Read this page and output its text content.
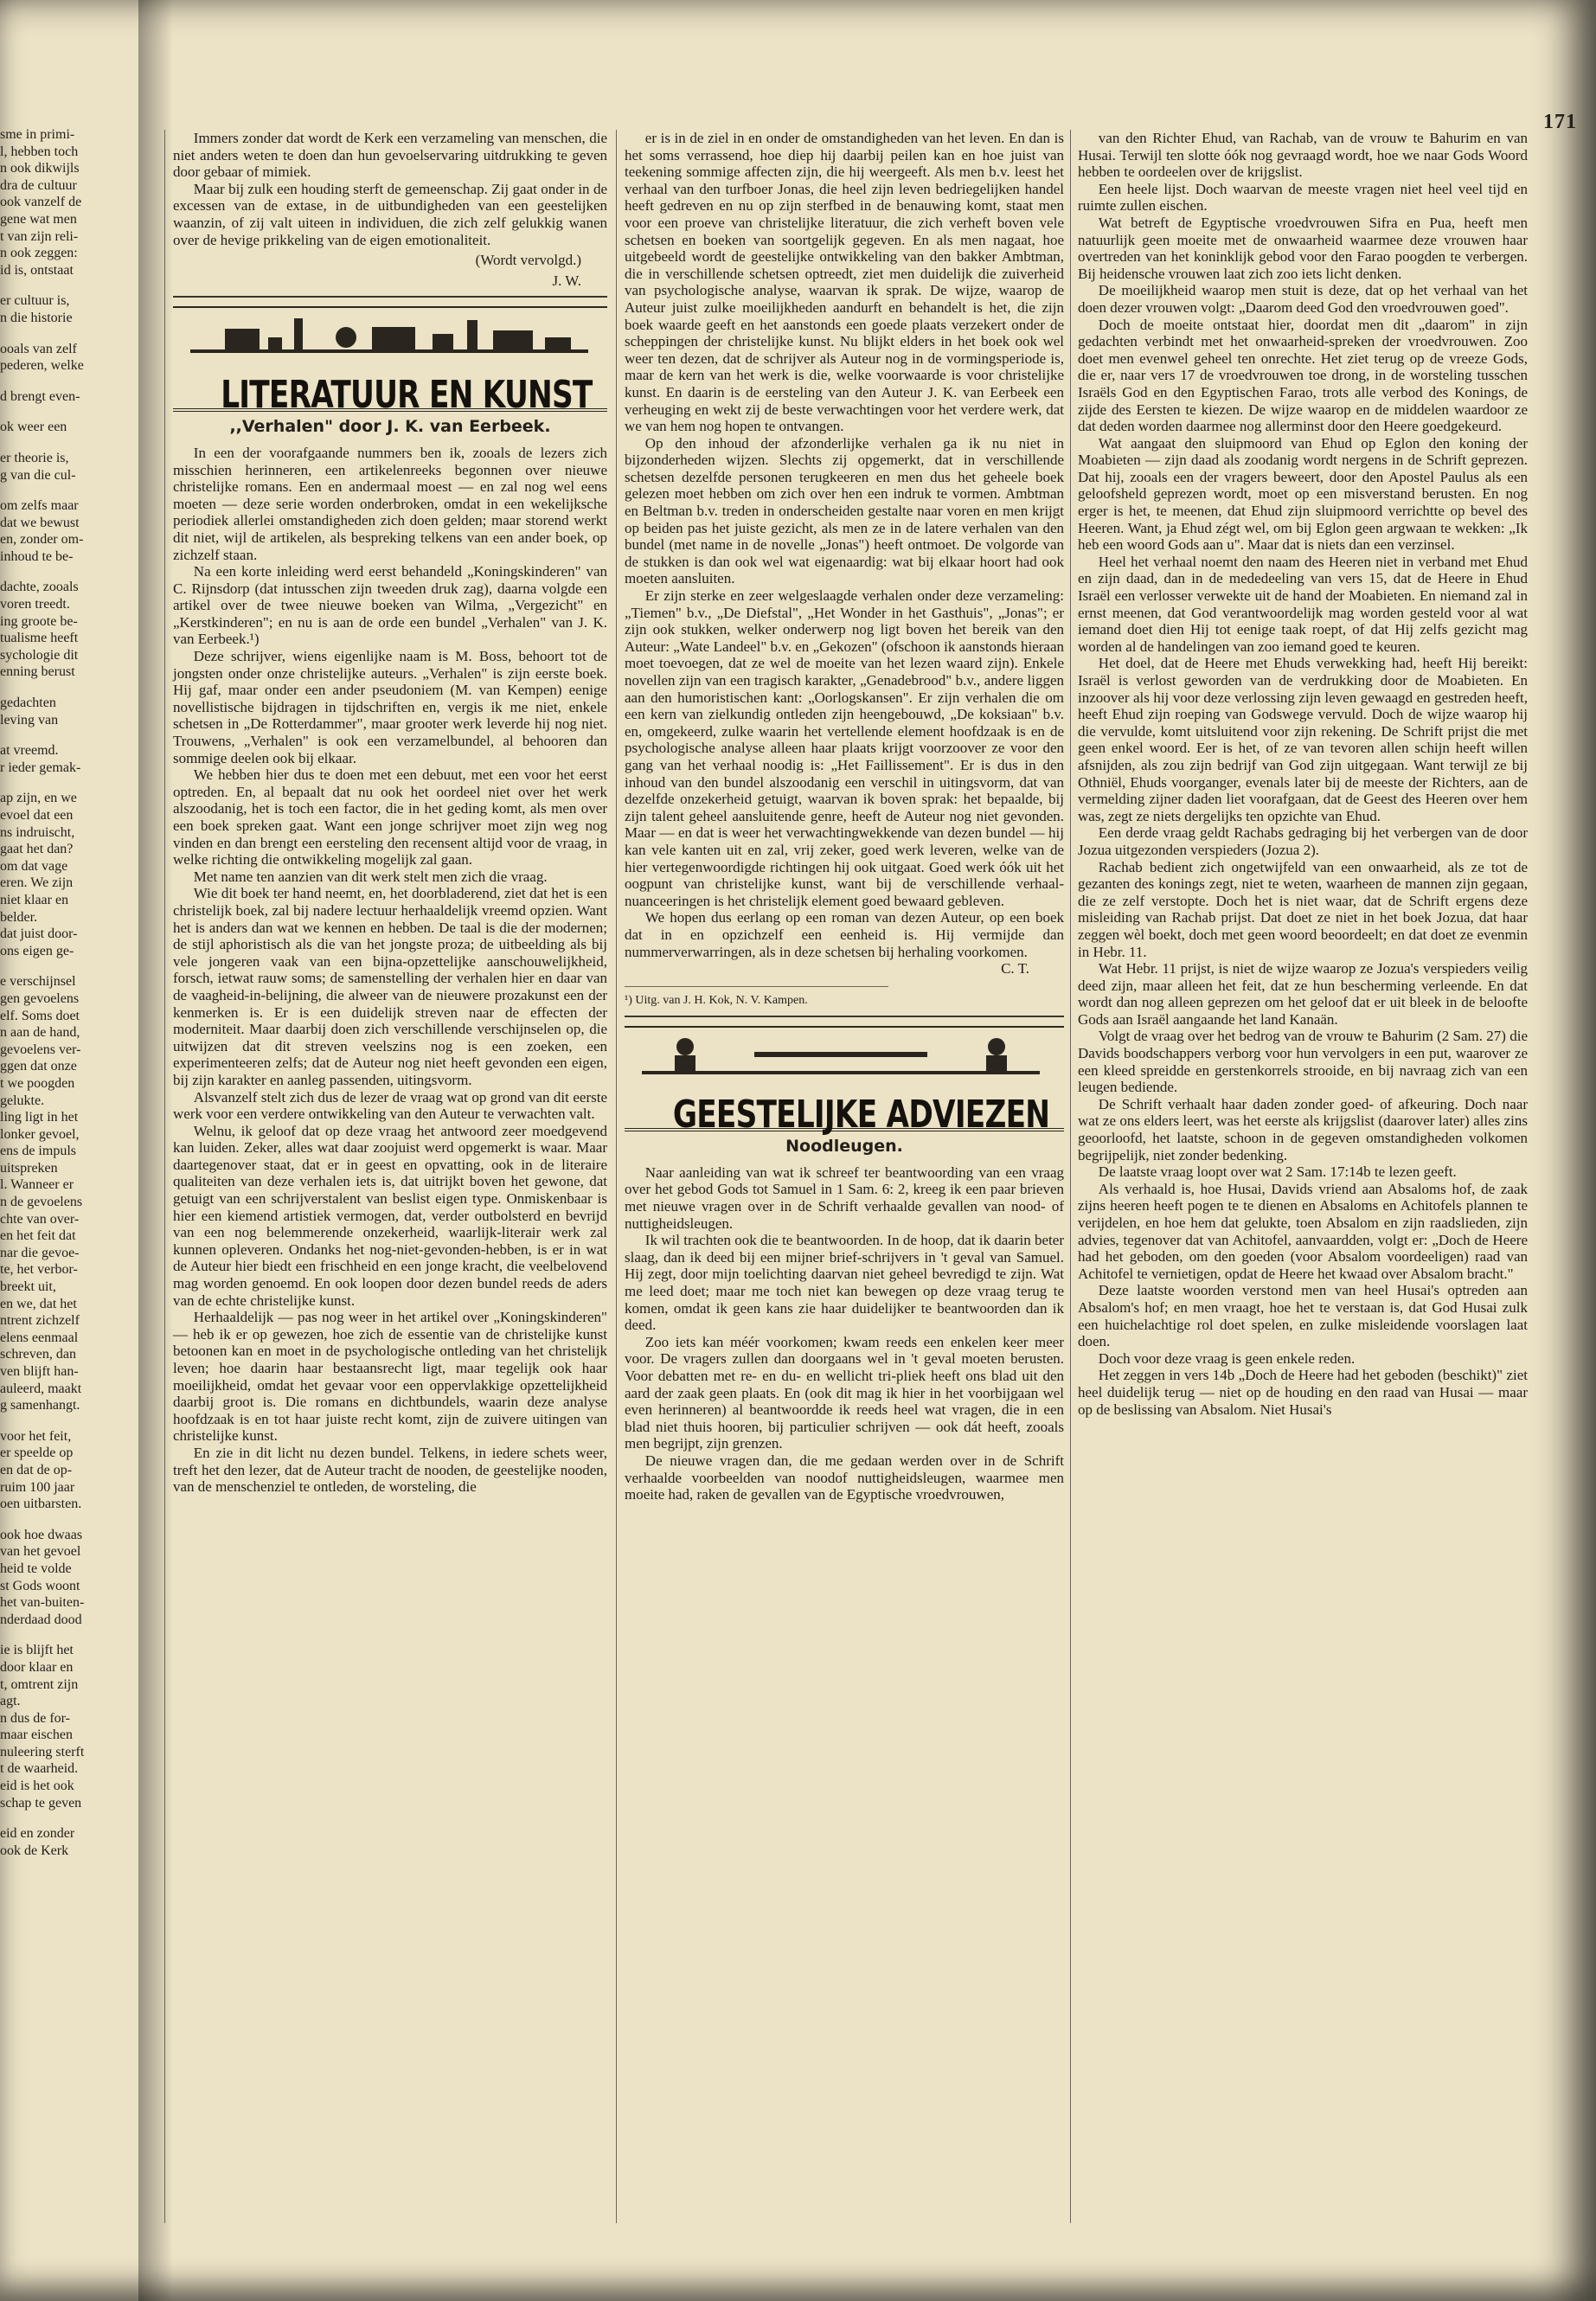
171

sme in primi-
l, hebben toch
n ook dikwijls
dra de cultuur
ook vanzelf de
gene wat men
t van zijn reli-
n ook zeggen:
id is, ontstaat

er cultuur is,
n die historie

ooals van zelf
pederen, welke

d brengt even-

ok weer een

er theorie is,
g van die cul-

om zelfs maar
dat we bewust
en, zonder om-
inhoud te be-

dachte, zooals
voren treedt.
ing groote be-
tualisme heeft
sychologie dit
enning berust

gedachten
leving van

at vreemd.
r ieder gemak-

ap zijn, en we
evoel dat een
ns indruischt,
gaat het dan?
om dat vage
eren. We zijn
niet klaar en
belder.
dat juist door-
ons eigen ge-

e verschijnsel
gen gevoelens
elf. Soms doet
n aan de hand,
gevoelens ver-
ggen dat onze
t we poogden
gelukte.
ling ligt in het
lonker gevoel,
ens de impuls
uitspreken
l. Wanneer er
n de gevoelens
chte van over-
en het feit dat
nar die gevoe-
te, het verbor-
breekt uit,
en we, dat het
ntrent zichzelf
elens eenmaal
schreven, dan
ven blijft han-
auleerd, maakt
g samenhangt.

voor het feit,
er speelde op
en dat de op-
ruim 100 jaar
oen uitbarsten.

ook hoe dwaas
van het gevoel
heid te volde
st Gods woont
het van-buiten-
nderdaad dood

ie is blijft het
door klaar en
t, omtrent zijn
agt.
n dus de for-
maar eischen
nuleering sterft
t de waarheid.
eid is het ook
schap te geven

eid en zonder
ook de Kerk

Immers zonder dat wordt de Kerk een verzameling van menschen, die niet anders weten te doen dan hun gevoelservaring uitdrukking te geven door gebaar of mimiek.

Maar bij zulk een houding sterft de gemeenschap. Zij gaat onder in de excessen van de extase, in de uitbundigheden van een geestelijken waanzin, of zij valt uiteen in individuen, die zich zelf gelukkig wanen over de hevige prikkeling van de eigen emotionaliteit.

(Wordt vervolgd.)
J. W.
LITERATUUR EN KUNST
,,Verhalen" door J. K. van Eerbeek.

In een der voorafgaande nummers ben ik, zooals de lezers zich misschien herinneren, een artikelenreeks begonnen over nieuwe christelijke romans. Een en andermaal moest — en zal nog wel eens moeten — deze serie worden onderbroken, omdat in een wekelijksche periodiek allerlei omstandigheden zich doen gelden; maar storend werkt dit niet, wijl de artikelen, als bespreking telkens van een ander boek, op zichzelf staan.

Na een korte inleiding werd eerst behandeld „Koningskinderen" van C. Rijnsdorp (dat intusschen zijn tweeden druk zag), daarna volgde een artikel over de twee nieuwe boeken van Wilma, „Vergezicht" en „Kerstkinderen"; en nu is aan de orde een bundel „Verhalen" van J. K. van Eerbeek.¹)

Deze schrijver, wiens eigenlijke naam is M. Boss, behoort tot de jongsten onder onze christelijke auteurs. „Verhalen" is zijn eerste boek. Hij gaf, maar onder een ander pseudoniem (M. van Kempen) eenige novellistische bijdragen in tijdschriften en, vergis ik me niet, enkele schetsen in „De Rotterdammer", maar grooter werk leverde hij nog niet. Trouwens, „Verhalen" is ook een verzamelbundel, al behooren dan sommige deelen ook bij elkaar.

We hebben hier dus te doen met een debuut, met een voor het eerst optreden. En, al bepaalt dat nu ook het oordeel niet over het werk alszoodanig, het is toch een factor, die in het geding komt, als men over een boek spreken gaat. Want een jonge schrijver moet zijn weg nog vinden en dan brengt een eersteling den recensent altijd voor de vraag, in welke richting die ontwikkeling mogelijk zal gaan.

Met name ten aanzien van dit werk stelt men zich die vraag.

Wie dit boek ter hand neemt, en, het doorbladerend, ziet dat het is een christelijk boek, zal bij nadere lectuur herhaaldelijk vreemd opzien. Want het is anders dan wat we kennen en hebben. De taal is die der modernen; de stijl aphoristisch als die van het jongste proza; de uitbeelding als bij vele jongeren vaak van een bijna-opzettelijke aanschouwelijkheid, forsch, ietwat rauw soms; de samenstelling der verhalen hier en daar van de vaagheid-in-belijning, die alweer van de nieuwere prozakunst een der kenmerken is. Er is een duidelijk streven naar de effecten der moderniteit. Maar daarbij doen zich verschillende verschijnselen op, die uitwijzen dat dit streven veelszins nog is een zoeken, een experimenteeren zelfs; dat de Auteur nog niet heeft gevonden een eigen, bij zijn karakter en aanleg passenden, uitingsvorm.

Alsvanzelf stelt zich dus de lezer de vraag wat op grond van dit eerste werk voor een verdere ontwikkeling van den Auteur te verwachten valt.

Welnu, ik geloof dat op deze vraag het antwoord zeer moedgevend kan luiden. Zeker, alles wat daar zoojuist werd opgemerkt is waar. Maar daartegenover staat, dat er in geest en opvatting, ook in de literaire qualiteiten van deze verhalen iets is, dat uitrijkt boven het gewone, dat getuigt van een schrijverstalent van beslist eigen type. Onmiskenbaar is hier een kiemend artistiek vermogen, dat, verder outbolsterd en bevrijd van een nog belemmerende onzekerheid, waarlijk-literair werk zal kunnen opleveren. Ondanks het nog-niet-gevonden-hebben, is er in wat de Auteur hier biedt een frischheid en een jonge kracht, die veelbelovend mag worden genoemd. En ook loopen door dezen bundel reeds de aders van de echte christelijke kunst.

Herhaaldelijk — pas nog weer in het artikel over „Koningskinderen" — heb ik er op gewezen, hoe zich de essentie van de christelijke kunst betoonen kan en moet in de psychologische ontleding van het christelijk leven; hoe daarin haar bestaansrecht ligt, maar tegelijk ook haar moeilijkheid, omdat het gevaar voor een oppervlakkige opzettelijkheid daarbij groot is. Die romans en dichtbundels, waarin deze analyse hoofdzaak is en tot haar juiste recht komt, zijn de zuivere uitingen van christelijke kunst.

En zie in dit licht nu dezen bundel. Telkens, in iedere schets weer, treft het den lezer, dat de Auteur tracht de nooden, de geestelijke nooden, van de menschenziel te ontleden, de worsteling, die

er is in de ziel in en onder de omstandigheden van het leven. En dan is het soms verrassend, hoe diep hij daarbij peilen kan en hoe juist van teekening sommige affecten zijn, die hij weergeeft. Als men b.v. leest het verhaal van den turfboer Jonas, die heel zijn leven bedriegelijken handel heeft gedreven en nu op zijn sterfbed in de benauwing komt, staat men voor een proeve van christelijke literatuur, die zich verheft boven vele schetsen en boeken van soortgelijk gegeven. En als men nagaat, hoe uitgebeeld wordt de geestelijke ontwikkeling van den bakker Ambtman, die in verschillende schetsen optreedt, ziet men duidelijk die zuiverheid van psychologische analyse, waarvan ik sprak. De wijze, waarop de Auteur juist zulke moeilijkheden aandurft en behandelt is het, die zijn boek waarde geeft en het aanstonds een goede plaats verzekert onder de scheppingen der christelijke kunst. Nu blijkt elders in het boek ook wel weer ten dezen, dat de schrijver als Auteur nog in de vormingsperiode is, maar de kern van het werk is die, welke voorwaarde is voor christelijke kunst. En daarin is de eersteling van den Auteur J. K. van Eerbeek een verheuging en wekt zij de beste verwachtingen voor het verdere werk, dat we van hem nog hopen te ontvangen.

Op den inhoud der afzonderlijke verhalen ga ik nu niet in bijzonderheden wijzen. Slechts zij opgemerkt, dat in verschillende schetsen dezelfde personen terugkeeren en men dus het geheele boek gelezen moet hebben om zich over hen een indruk te vormen. Ambtman en Beltman b.v. treden in onderscheiden gestalte naar voren en men krijgt op beiden pas het juiste gezicht, als men ze in de latere verhalen van den bundel (met name in de novelle „Jonas") heeft ontmoet. De volgorde van de stukken is dan ook wel wat eigenaardig: wat bij elkaar hoort had ook moeten aansluiten.

Er zijn sterke en zeer welgeslaagde verhalen onder deze verzameling: „Tiemen" b.v., „De Diefstal", „Het Wonder in het Gasthuis", „Jonas"; er zijn ook stukken, welker onderwerp nog ligt boven het bereik van den Auteur: „Wate Landeel" b.v. en „Gekozen" (ofschoon ik aanstonds hieraan moet toevoegen, dat ze wel de moeite van het lezen waard zijn). Enkele novellen zijn van een tragisch karakter, „Genadebrood" b.v., andere liggen aan den humoristischen kant: „Oorlogskansen". Er zijn verhalen die om een kern van zielkundig ontleden zijn heengebouwd, „De koksiaan" b.v. en, omgekeerd, zulke waarin het vertellende element hoofdzaak is en de psychologische analyse alleen haar plaats krijgt voorzoover ze voor den gang van het verhaal noodig is: „Het Faillissement". Er is dus in den inhoud van den bundel alszoodanig een verschil in uitingsvorm, dat van dezelfde onzekerheid getuigt, waarvan ik boven sprak: het bepaalde, bij zijn talent geheel aansluitende genre, heeft de Auteur nog niet gevonden. Maar — en dat is weer het verwachtingwekkende van dezen bundel — hij kan vele kanten uit en zal, vrij zeker, goed werk leveren, welke van de hier vertegenwoordigde richtingen hij ook uitgaat. Goed werk óók uit het oogpunt van christelijke kunst, want bij de verschillende verhaal-nuanceeringen is het christelijk element goed bewaard gebleven.

We hopen dus eerlang op een roman van dezen Auteur, op een boek dat in en opzichzelf een eenheid is. Hij vermijde dan nummerverwarringen, als in deze schetsen bij herhaling voorkomen.

C. T.
¹) Uitg. van J. H. Kok, N. V. Kampen.
GEESTELIJKE ADVIEZEN
Noodleugen.

Naar aanleiding van wat ik schreef ter beantwoording van een vraag over het gebod Gods tot Samuel in 1 Sam. 6: 2, kreeg ik een paar brieven met nieuwe vragen over in de Schrift verhaalde gevallen van nood- of nuttigheidsleugen.

Ik wil trachten ook die te beantwoorden. In de hoop, dat ik daarin beter slaag, dan ik deed bij een mijner brief-schrijvers in 't geval van Samuel. Hij zegt, door mijn toelichting daarvan niet geheel bevredigd te zijn. Wat me leed doet; maar me toch niet kan bewegen op deze vraag terug te komen, omdat ik geen kans zie haar duidelijker te beantwoorden dan ik deed.

Zoo iets kan méér voorkomen; kwam reeds een enkelen keer meer voor. De vragers zullen dan doorgaans wel in 't geval moeten berusten. Voor debatten met re- en du- en wellicht tri-pliek heeft ons blad uit den aard der zaak geen plaats. En (ook dit mag ik hier in het voorbijgaan wel even herinneren) al beantwoordde ik reeds heel wat vragen, die in een blad niet thuis hooren, bij particulier schrijven — ook dát heeft, zooals men begrijpt, zijn grenzen.

De nieuwe vragen dan, die me gedaan werden over in de Schrift verhaalde voorbeelden van noodof nuttigheidsleugen, waarmee men moeite had, raken de gevallen van de Egyptische vroedvrouwen,

van den Richter Ehud, van Rachab, van de vrouw te Bahurim en van Husai. Terwijl ten slotte óók nog gevraagd wordt, hoe we naar Gods Woord hebben te oordeelen over de krijgslist.

Een heele lijst. Doch waarvan de meeste vragen niet heel veel tijd en ruimte zullen eischen.

Wat betreft de Egyptische vroedvrouwen Sifra en Pua, heeft men natuurlijk geen moeite met de onwaarheid waarmee deze vrouwen haar overtreden van het koninklijk gebod voor den Farao poogden te verbergen. Bij heidensche vrouwen laat zich zoo iets licht denken.

De moeilijkheid waarop men stuit is deze, dat op het verhaal van het doen dezer vrouwen volgt: „Daarom deed God den vroedvrouwen goed".

Doch de moeite ontstaat hier, doordat men dit „daarom" in zijn gedachten verbindt met het onwaarheid-spreken der vroedvrouwen. Zoo doet men evenwel geheel ten onrechte. Het ziet terug op de vreeze Gods, die er, naar vers 17 de vroedvrouwen toe drong, in de worsteling tusschen Israëls God en den Egyptischen Farao, trots alle verbod des Konings, de zijde des Eersten te kiezen. De wijze waarop en de middelen waardoor ze dat deden worden daarmee nog allerminst door den Heere goedgekeurd.

Wat aangaat den sluipmoord van Ehud op Eglon den koning der Moabieten — zijn daad als zoodanig wordt nergens in de Schrift geprezen. Dat hij, zooals een der vragers beweert, door den Apostel Paulus als een geloofsheld geprezen wordt, moet op een misverstand berusten. En nog erger is het, te meenen, dat Ehud zijn sluipmoord verrichtte op bevel des Heeren. Want, ja Ehud zégt wel, om bij Eglon geen argwaan te wekken: „Ik heb een woord Gods aan u". Maar dat is niets dan een verzinsel.

Heel het verhaal noemt den naam des Heeren niet in verband met Ehud en zijn daad, dan in de mededeeling van vers 15, dat de Heere in Ehud Israël een verlosser verwekte uit de hand der Moabieten. En niemand zal in ernst meenen, dat God verantwoordelijk mag worden gesteld voor al wat iemand doet dien Hij tot eenige taak roept, of dat Hij zelfs gezicht mag worden al de handelingen van zoo iemand goed te keuren.

Het doel, dat de Heere met Ehuds verwekking had, heeft Hij bereikt: Israël is verlost geworden van de verdrukking door de Moabieten. En inzoover als hij voor deze verlossing zijn leven gewaagd en gestreden heeft, heeft Ehud zijn roeping van Godswege vervuld. Doch de wijze waarop hij die vervulde, komt uitsluitend voor zijn rekening. De Schrift prijst die met geen enkel woord. Eer is het, of ze van tevoren allen schijn heeft willen afsnijden, als zou zijn bedrijf van God zijn uitgegaan. Want terwijl ze bij Othniël, Ehuds voorganger, evenals later bij de meeste der Richters, aan de vermelding zijner daden liet voorafgaan, dat de Geest des Heeren over hem was, zegt ze niets dergelijks ten opzichte van Ehud.

Een derde vraag geldt Rachabs gedraging bij het verbergen van de door Jozua uitgezonden verspieders (Jozua 2).

Rachab bedient zich ongetwijfeld van een onwaarheid, als ze tot de gezanten des konings zegt, niet te weten, waarheen de mannen zijn gegaan, die ze zelf verstopte. Doch het is niet waar, dat de Schrift ergens deze misleiding van Rachab prijst. Dat doet ze niet in het boek Jozua, dat haar zeggen wèl boekt, doch met geen woord beoordeelt; en dat doet ze evenmin in Hebr. 11.

Wat Hebr. 11 prijst, is niet de wijze waarop ze Jozua's verspieders veilig deed zijn, maar alleen het feit, dat ze hun bescherming verleende. En dat wordt dan nog alleen geprezen om het geloof dat er uit bleek in de beloofte Gods aan Israël aangaande het land Kanaän.

Volgt de vraag over het bedrog van de vrouw te Bahurim (2 Sam. 27) die Davids boodschappers verborg voor hun vervolgers in een put, waarover ze een kleed spreidde en gerstenkorrels strooide, en bij navraag zich van een leugen bediende.

De Schrift verhaalt haar daden zonder goed- of afkeuring. Doch naar wat ze ons elders leert, was het eerste als krijgslist (daarover later) alles zins geoorloofd, het laatste, schoon in de gegeven omstandigheden volkomen begrijpelijk, niet zonder bedenking.

De laatste vraag loopt over wat 2 Sam. 17:14b te lezen geeft.

Als verhaald is, hoe Husai, Davids vriend aan Absaloms hof, de zaak zijns heeren heeft pogen te te dienen en Absaloms en Achitofels plannen te verijdelen, en hoe hem dat gelukte, toen Absalom en zijn raadslieden, zijn advies, tegenover dat van Achitofel, aanvaardden, volgt er: „Doch de Heere had het geboden, om den goeden (voor Absalom voordeeligen) raad van Achitofel te vernietigen, opdat de Heere het kwaad over Absalom bracht."

Deze laatste woorden verstond men van heel Husai's optreden aan Absalom's hof; en men vraagt, hoe het te verstaan is, dat God Husai zulk een huichelachtige rol doet spelen, en zulke misleidende voorslagen laat doen.

Doch voor deze vraag is geen enkele reden.

Het zeggen in vers 14b „Doch de Heere had het geboden (beschikt)" ziet heel duidelijk terug — niet op de houding en den raad van Husai — maar op de beslissing van Absalom. Niet Husai's
